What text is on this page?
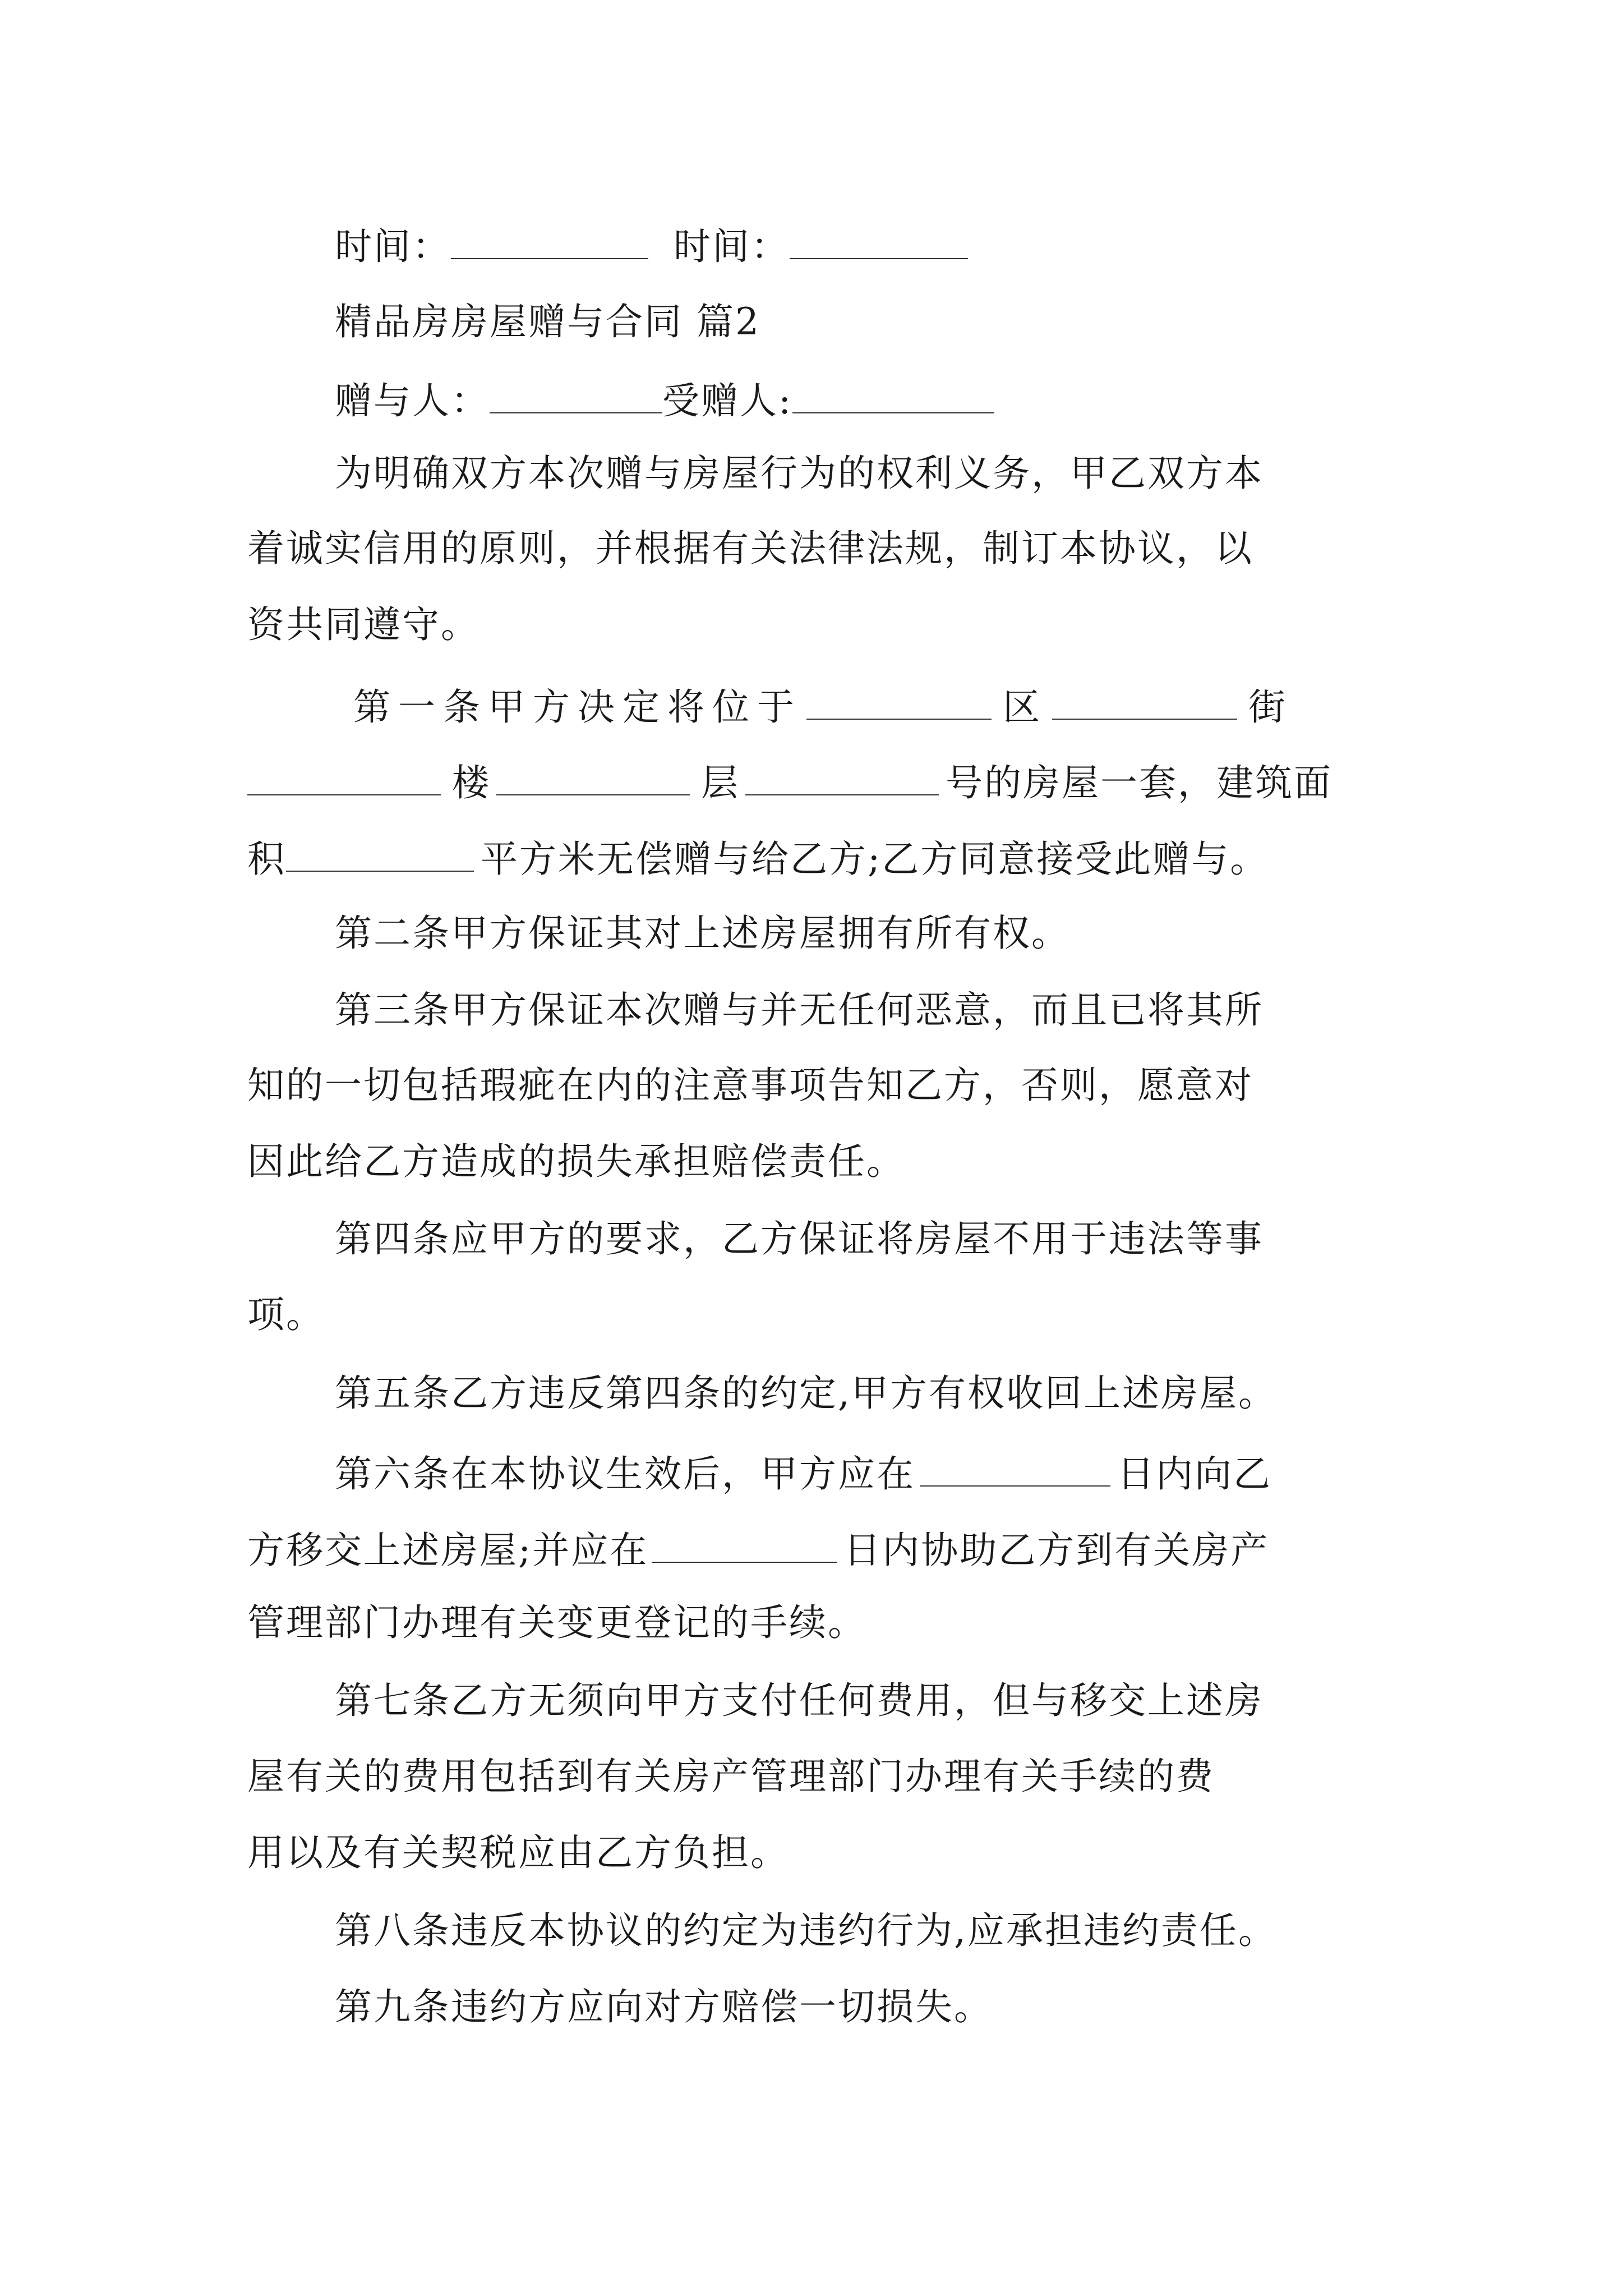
时间：	时间：
精品房房屋赠与合同 篇2
赠与人：	受赠人:
为明确双方本次赠与房屋行为的权利义务，甲乙双方本
着诚实信用的原则，并根据有关法律法规，制订本协议，以
资共同遵守。
第一条甲方决定将位于	区	街
楼	层	号的房屋一套，建筑面
积	平方米无偿赠与给乙方;乙方同意接受此赠与。
第二条甲方保证其对上述房屋拥有所有权。
第三条甲方保证本次赠与并无任何恶意，而且已将其所
知的一切包括瑕疵在内的注意事项告知乙方，否则，愿意对
因此给乙方造成的损失承担赔偿责任。
第四条应甲方的要求，乙方保证将房屋不用于违法等事
项。
第五条乙方违反第四条的约定,甲方有权收回上述房屋。
第六条在本协议生效后，甲方应在	日内向乙
方移交上述房屋;并应在	日内协助乙方到有关房产
管理部门办理有关变更登记的手续。
第七条乙方无须向甲方支付任何费用，但与移交上述房
屋有关的费用包括到有关房产管理部门办理有关手续的费
用以及有关契税应由乙方负担。
第八条违反本协议的约定为违约行为,应承担违约责任。
第九条违约方应向对方赔偿一切损失。
